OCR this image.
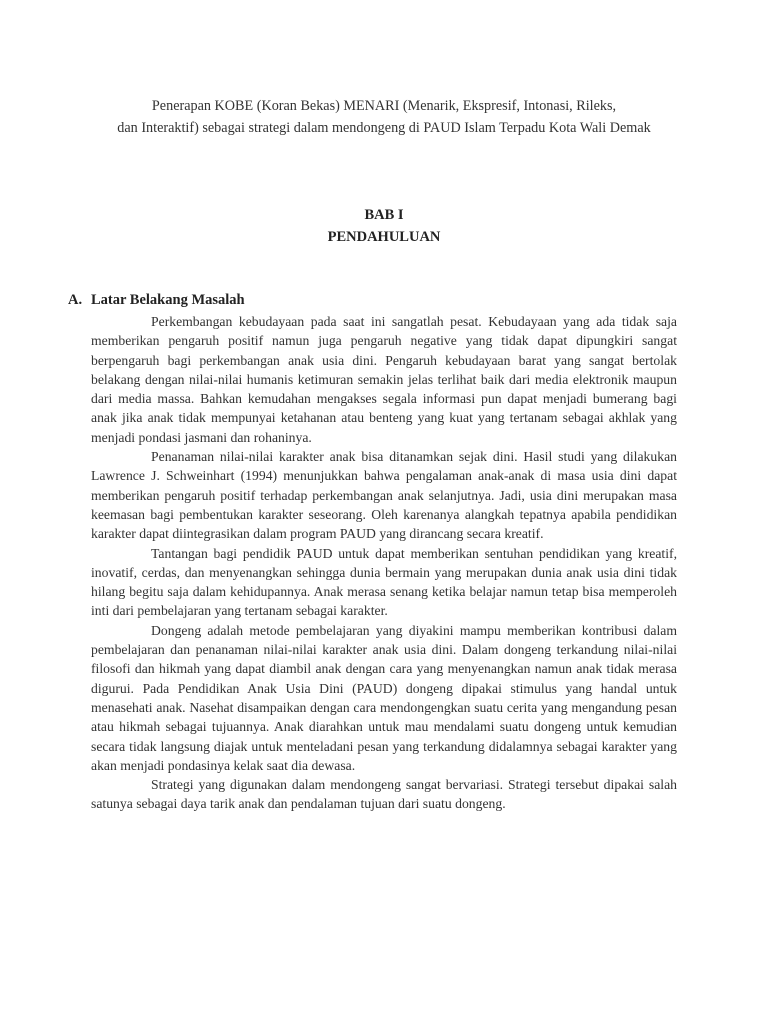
Penerapan KOBE (Koran Bekas) MENARI (Menarik, Ekspresif, Intonasi, Rileks,
dan Interaktif) sebagai strategi dalam mendongeng di PAUD Islam Terpadu Kota Wali Demak
BAB I
PENDAHULUAN
A. Latar Belakang Masalah

Perkembangan kebudayaan pada saat ini sangatlah pesat. Kebudayaan yang ada tidak saja memberikan pengaruh positif namun juga pengaruh negative yang tidak dapat dipungkiri sangat berpengaruh bagi perkembangan anak usia dini. Pengaruh kebudayaan barat yang sangat bertolak belakang dengan nilai-nilai humanis ketimuran semakin jelas terlihat baik dari media elektronik maupun dari media massa. Bahkan kemudahan mengakses segala informasi pun dapat menjadi bumerang bagi anak jika anak tidak mempunyai ketahanan atau benteng yang kuat yang tertanam sebagai akhlak yang menjadi pondasi jasmani dan rohaninya.

Penanaman nilai-nilai karakter anak bisa ditanamkan sejak dini. Hasil studi yang dilakukan Lawrence J. Schweinhart (1994) menunjukkan bahwa pengalaman anak-anak di masa usia dini dapat memberikan pengaruh positif terhadap perkembangan anak selanjutnya. Jadi, usia dini merupakan masa keemasan bagi pembentukan karakter seseorang. Oleh karenanya alangkah tepatnya apabila pendidikan karakter dapat diintegrasikan dalam program PAUD yang dirancang secara kreatif.

Tantangan bagi pendidik PAUD untuk dapat memberikan sentuhan pendidikan yang kreatif, inovatif, cerdas, dan menyenangkan sehingga dunia bermain yang merupakan dunia anak usia dini tidak hilang begitu saja dalam kehidupannya. Anak merasa senang ketika belajar namun tetap bisa memperoleh inti dari pembelajaran yang tertanam sebagai karakter.

Dongeng adalah metode pembelajaran yang diyakini mampu memberikan kontribusi dalam pembelajaran dan penanaman nilai-nilai karakter anak usia dini. Dalam dongeng terkandung nilai-nilai filosofi dan hikmah yang dapat diambil anak dengan cara yang menyenangkan namun anak tidak merasa digurui. Pada Pendidikan Anak Usia Dini (PAUD) dongeng dipakai stimulus yang handal untuk menasehati anak. Nasehat disampaikan dengan cara mendongengkan suatu cerita yang mengandung pesan atau hikmah sebagai tujuannya. Anak diarahkan untuk mau mendalami suatu dongeng untuk kemudian secara tidak langsung diajak untuk menteladani pesan yang terkandung didalamnya sebagai karakter yang akan menjadi pondasinya kelak saat dia dewasa.

Strategi yang digunakan dalam mendongeng sangat bervariasi. Strategi tersebut dipakai salah satunya sebagai daya tarik anak dan pendalaman tujuan dari suatu dongeng.
